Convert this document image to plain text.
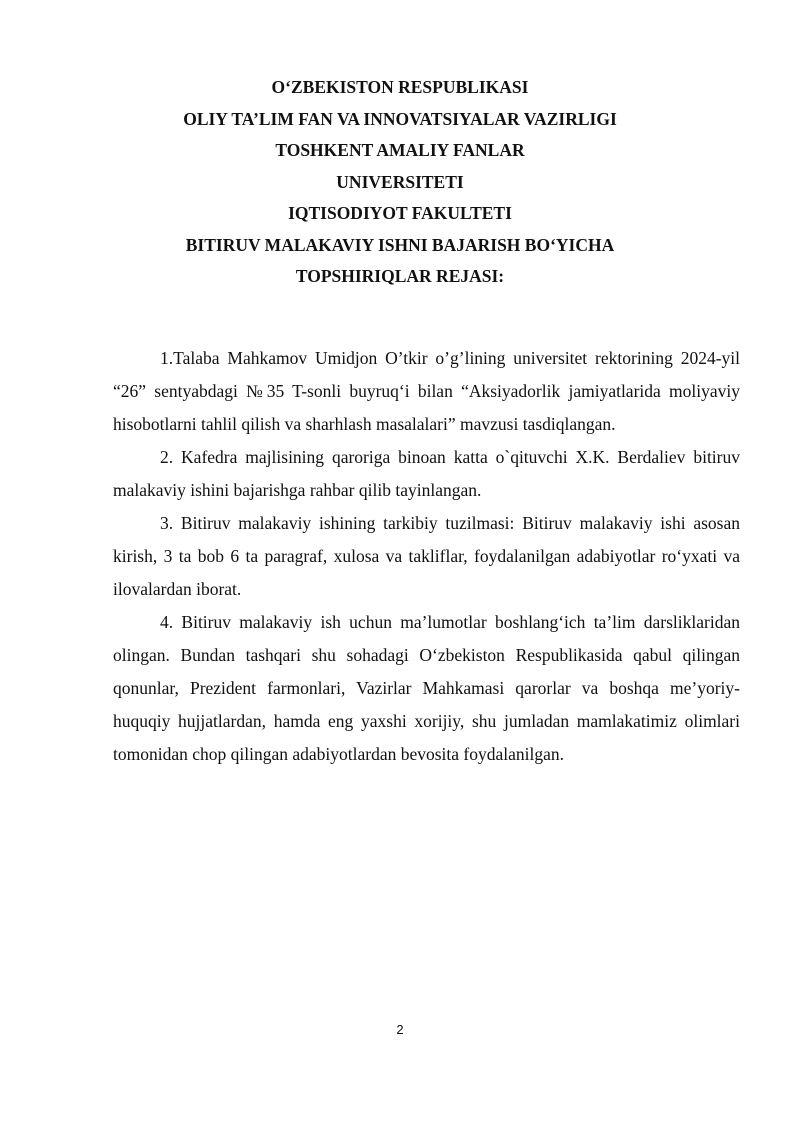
O‘ZBEKISTON RESPUBLIKASI
OLIY TA’LIM FAN VA INNOVATSIYALAR VAZIRLIGI
TOSHKENT AMALIY FANLAR
UNIVERSITETI
IQTISODIYOT FAKULTETI
BITIRUV MALAKAVIY ISHNI BAJARISH BO‘YICHA
TOPSHIRIQLAR REJASI:

1.Talaba Mahkamov Umidjon O’tkir o’g’lining universitet rektorining 2024-yil “26” sentyabdagi №35 T-sonli buyruq‘i bilan “Aksiyadorlik jamiyatlarida moliyaviy hisobotlarni tahlil qilish va sharhlash masalalari” mavzusi tasdiqlangan.

2. Kafedra majlisining qaroriga binoan katta o`qituvchi X.K. Berdaliev bitiruv malakaviy ishini bajarishga rahbar qilib tayinlangan.

3. Bitiruv malakaviy ishining tarkibiy tuzilmasi: Bitiruv malakaviy ishi asosan kirish, 3 ta bob 6 ta paragraf, xulosa va takliflar, foydalanilgan adabiyotlar ro‘yxati va ilovalardan iborat.

4. Bitiruv malakaviy ish uchun ma’lumotlar boshlang‘ich ta’lim darsliklaridan olingan. Bundan tashqari shu sohadagi O‘zbekiston Respublikasida qabul qilingan qonunlar, Prezident farmonlari, Vazirlar Mahkamasi qarorlar va boshqa me’yoriy-huquqiy hujjatlardan, hamda eng yaxshi xorijiy, shu jumladan mamlakatimiz olimlari tomonidan chop qilingan adabiyotlardan bevosita foydalanilgan.

2
